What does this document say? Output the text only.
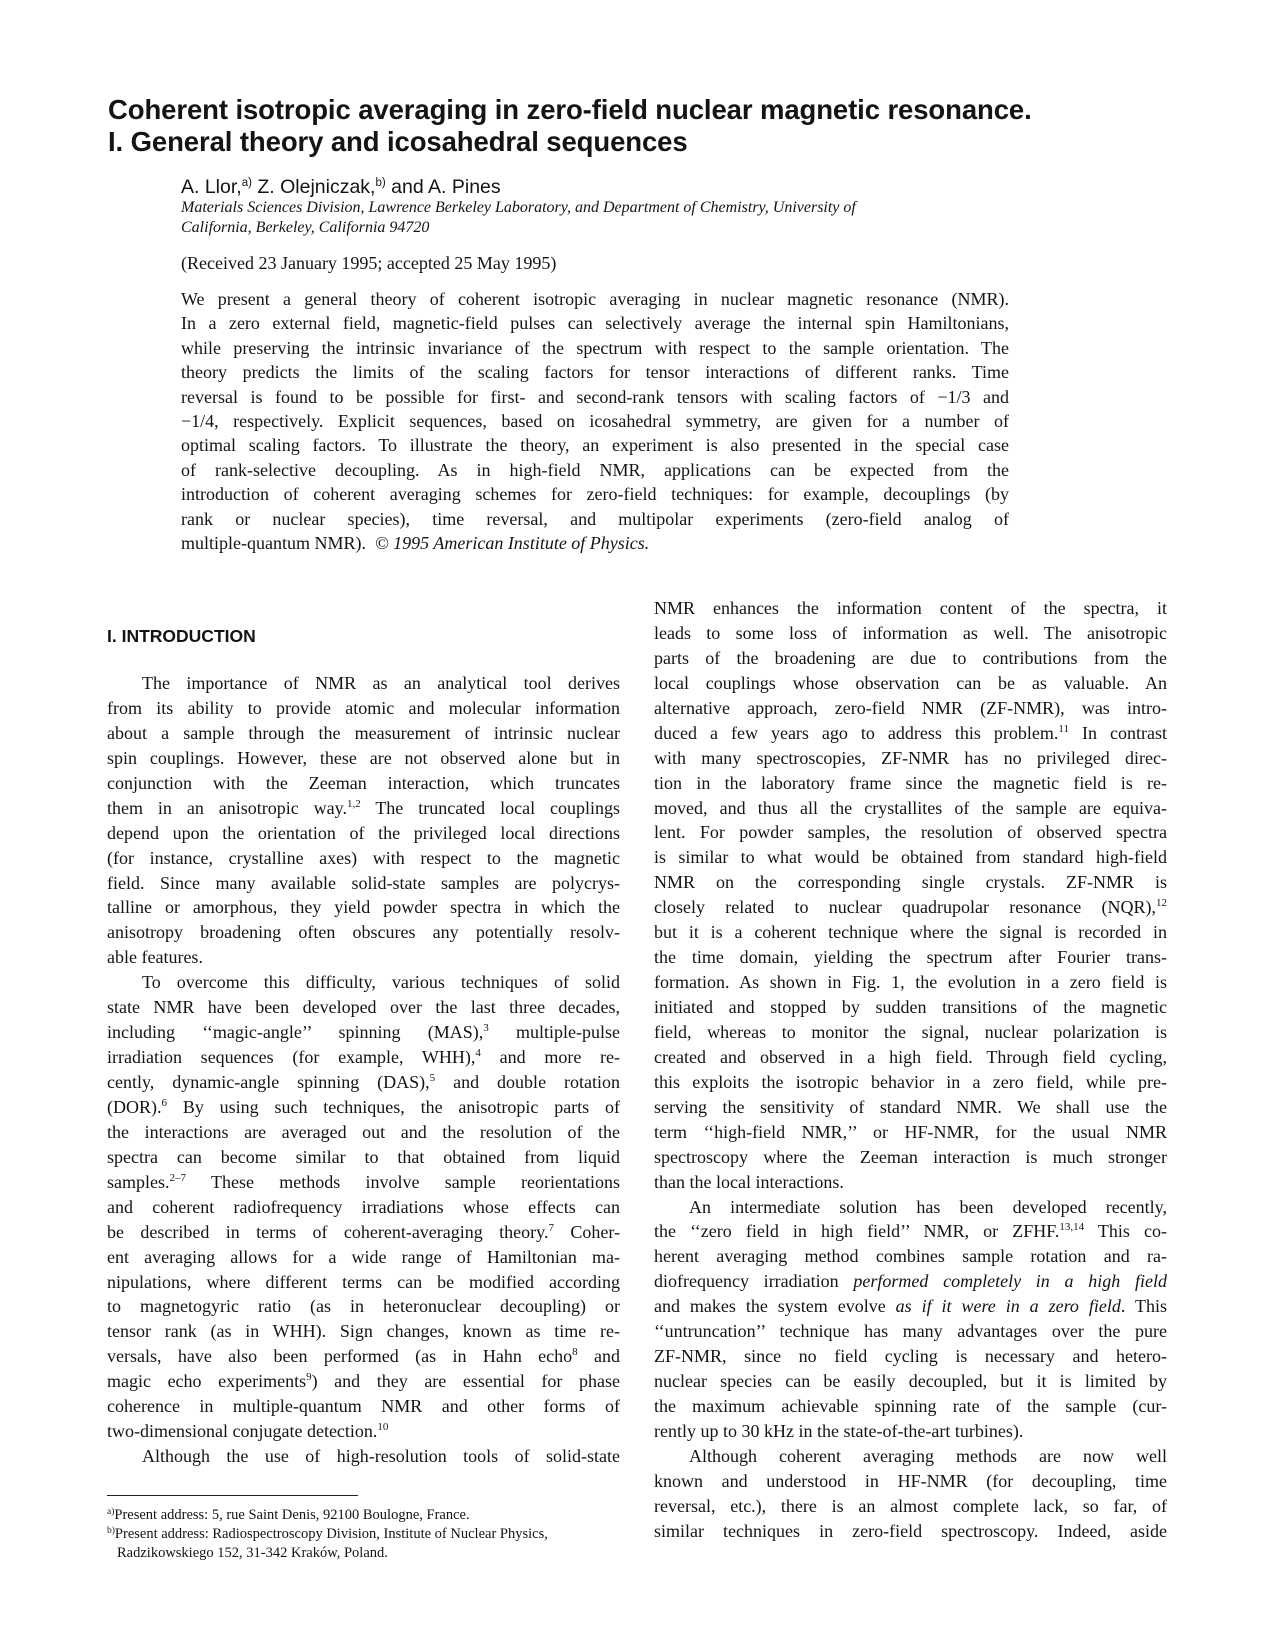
Coherent isotropic averaging in zero-field nuclear magnetic resonance.
I. General theory and icosahedral sequences
A. Llor,$^{a)}$ Z. Olejniczak,$^{b)}$ and A. Pines
Materials Sciences Division, Lawrence Berkeley Laboratory, and Department of Chemistry, University of
California, Berkeley, California 94720
(Received 23 January 1995; accepted 25 May 1995)
We present a general theory of coherent isotropic averaging in nuclear magnetic resonance (NMR).
In a zero external field, magnetic-field pulses can selectively average the internal spin Hamiltonians,
while preserving the intrinsic invariance of the spectrum with respect to the sample orientation. The
theory predicts the limits of the scaling factors for tensor interactions of different ranks. Time
reversal is found to be possible for first- and second-rank tensors with scaling factors of −1/3 and
−1/4, respectively. Explicit sequences, based on icosahedral symmetry, are given for a number of
optimal scaling factors. To illustrate the theory, an experiment is also presented in the special case
of rank-selective decoupling. As in high-field NMR, applications can be expected from the
introduction of coherent averaging schemes for zero-field techniques: for example, decouplings (by
rank or nuclear species), time reversal, and multipolar experiments (zero-field analog of
multiple-quantum NMR). © 1995 American Institute of Physics.
I. INTRODUCTION
The importance of NMR as an analytical tool derives
from its ability to provide atomic and molecular information
about a sample through the measurement of intrinsic nuclear
spin couplings. However, these are not observed alone but in
conjunction with the Zeeman interaction, which truncates
them in an anisotropic way.$^{1,2}$ The truncated local couplings
depend upon the orientation of the privileged local directions
(for instance, crystalline axes) with respect to the magnetic
field. Since many available solid-state samples are polycrys-
talline or amorphous, they yield powder spectra in which the
anisotropy broadening often obscures any potentially resolv-
able features.
To overcome this difficulty, various techniques of solid
state NMR have been developed over the last three decades,
including ‘‘magic-angle’’ spinning (MAS),$^3$ multiple-pulse
irradiation sequences (for example, WHH),$^4$ and more re-
cently, dynamic-angle spinning (DAS),$^5$ and double rotation
(DOR).$^6$ By using such techniques, the anisotropic parts of
the interactions are averaged out and the resolution of the
spectra can become similar to that obtained from liquid
samples.$^{2-7}$ These methods involve sample reorientations
and coherent radiofrequency irradiations whose effects can
be described in terms of coherent-averaging theory.$^7$ Coher-
ent averaging allows for a wide range of Hamiltonian ma-
nipulations, where different terms can be modified according
to magnetogyric ratio (as in heteronuclear decoupling) or
tensor rank (as in WHH). Sign changes, known as time re-
versals, have also been performed (as in Hahn echo$^8$ and
magic echo experiments$^9$) and they are essential for phase
coherence in multiple-quantum NMR and other forms of
two-dimensional conjugate detection.$^{10}$
Although the use of high-resolution tools of solid-state
NMR enhances the information content of the spectra, it
leads to some loss of information as well. The anisotropic
parts of the broadening are due to contributions from the
local couplings whose observation can be as valuable. An
alternative approach, zero-field NMR (ZF-NMR), was intro-
duced a few years ago to address this problem.$^{11}$ In contrast
with many spectroscopies, ZF-NMR has no privileged direc-
tion in the laboratory frame since the magnetic field is re-
moved, and thus all the crystallites of the sample are equiva-
lent. For powder samples, the resolution of observed spectra
is similar to what would be obtained from standard high-field
NMR on the corresponding single crystals. ZF-NMR is
closely related to nuclear quadrupolar resonance (NQR),$^{12}$
but it is a coherent technique where the signal is recorded in
the time domain, yielding the spectrum after Fourier trans-
formation. As shown in Fig. 1, the evolution in a zero field is
initiated and stopped by sudden transitions of the magnetic
field, whereas to monitor the signal, nuclear polarization is
created and observed in a high field. Through field cycling,
this exploits the isotropic behavior in a zero field, while pre-
serving the sensitivity of standard NMR. We shall use the
term ‘‘high-field NMR,’’ or HF-NMR, for the usual NMR
spectroscopy where the Zeeman interaction is much stronger
than the local interactions.
An intermediate solution has been developed recently,
the ‘‘zero field in high field’’ NMR, or ZFHF.$^{13,14}$ This co-
herent averaging method combines sample rotation and ra-
diofrequency irradiation performed completely in a high field
and makes the system evolve as if it were in a zero field. This
‘‘untruncation’’ technique has many advantages over the pure
ZF-NMR, since no field cycling is necessary and hetero-
nuclear species can be easily decoupled, but it is limited by
the maximum achievable spinning rate of the sample (cur-
rently up to 30 kHz in the state-of-the-art turbines).
Although coherent averaging methods are now well
known and understood in HF-NMR (for decoupling, time
reversal, etc.), there is an almost complete lack, so far, of
similar techniques in zero-field spectroscopy. Indeed, aside
$^{a)}$Present address: 5, rue Saint Denis, 92100 Boulogne, France.
$^{b)}$Present address: Radiospectroscopy Division, Institute of Nuclear Physics,
Radzikowskiego 152, 31-342 Kraków, Poland.
